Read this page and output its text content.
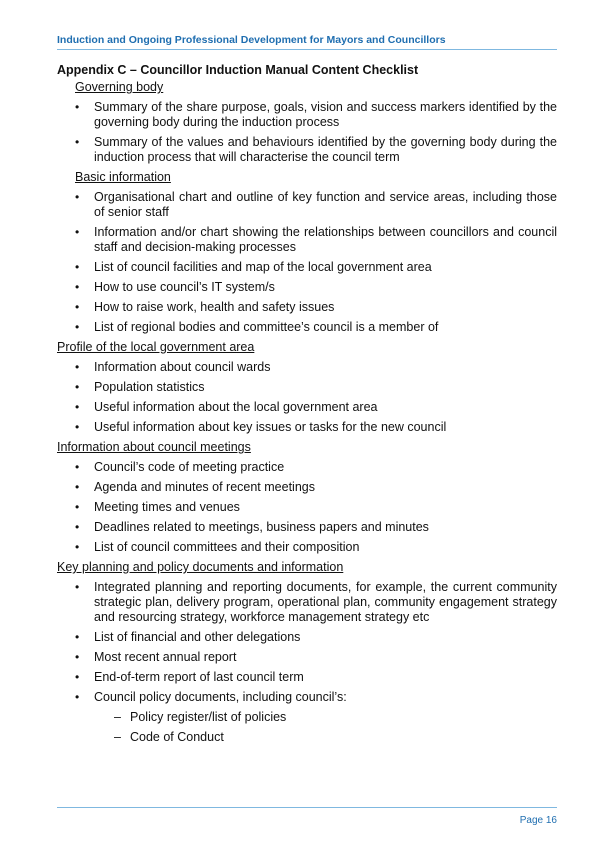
Induction and Ongoing Professional Development for Mayors and Councillors
Appendix C – Councillor Induction Manual Content Checklist
Governing body
• Summary of the share purpose, goals, vision and success markers identified by the governing body during the induction process
• Summary of the values and behaviours identified by the governing body during the induction process that will characterise the council term
Basic information
• Organisational chart and outline of key function and service areas, including those of senior staff
• Information and/or chart showing the relationships between councillors and council staff and decision-making processes
• List of council facilities and map of the local government area
• How to use council’s IT system/s
• How to raise work, health and safety issues
• List of regional bodies and committee’s council is a member of
Profile of the local government area
• Information about council wards
• Population statistics
• Useful information about the local government area
• Useful information about key issues or tasks for the new council
Information about council meetings
• Council’s code of meeting practice
• Agenda and minutes of recent meetings
• Meeting times and venues
• Deadlines related to meetings, business papers and minutes
• List of council committees and their composition
Key planning and policy documents and information
• Integrated planning and reporting documents, for example, the current community strategic plan, delivery program, operational plan, community engagement strategy and resourcing strategy, workforce management strategy etc
• List of financial and other delegations
• Most recent annual report
• End-of-term report of last council term
• Council policy documents, including council’s:
– Policy register/list of policies
– Code of Conduct
Page 16
